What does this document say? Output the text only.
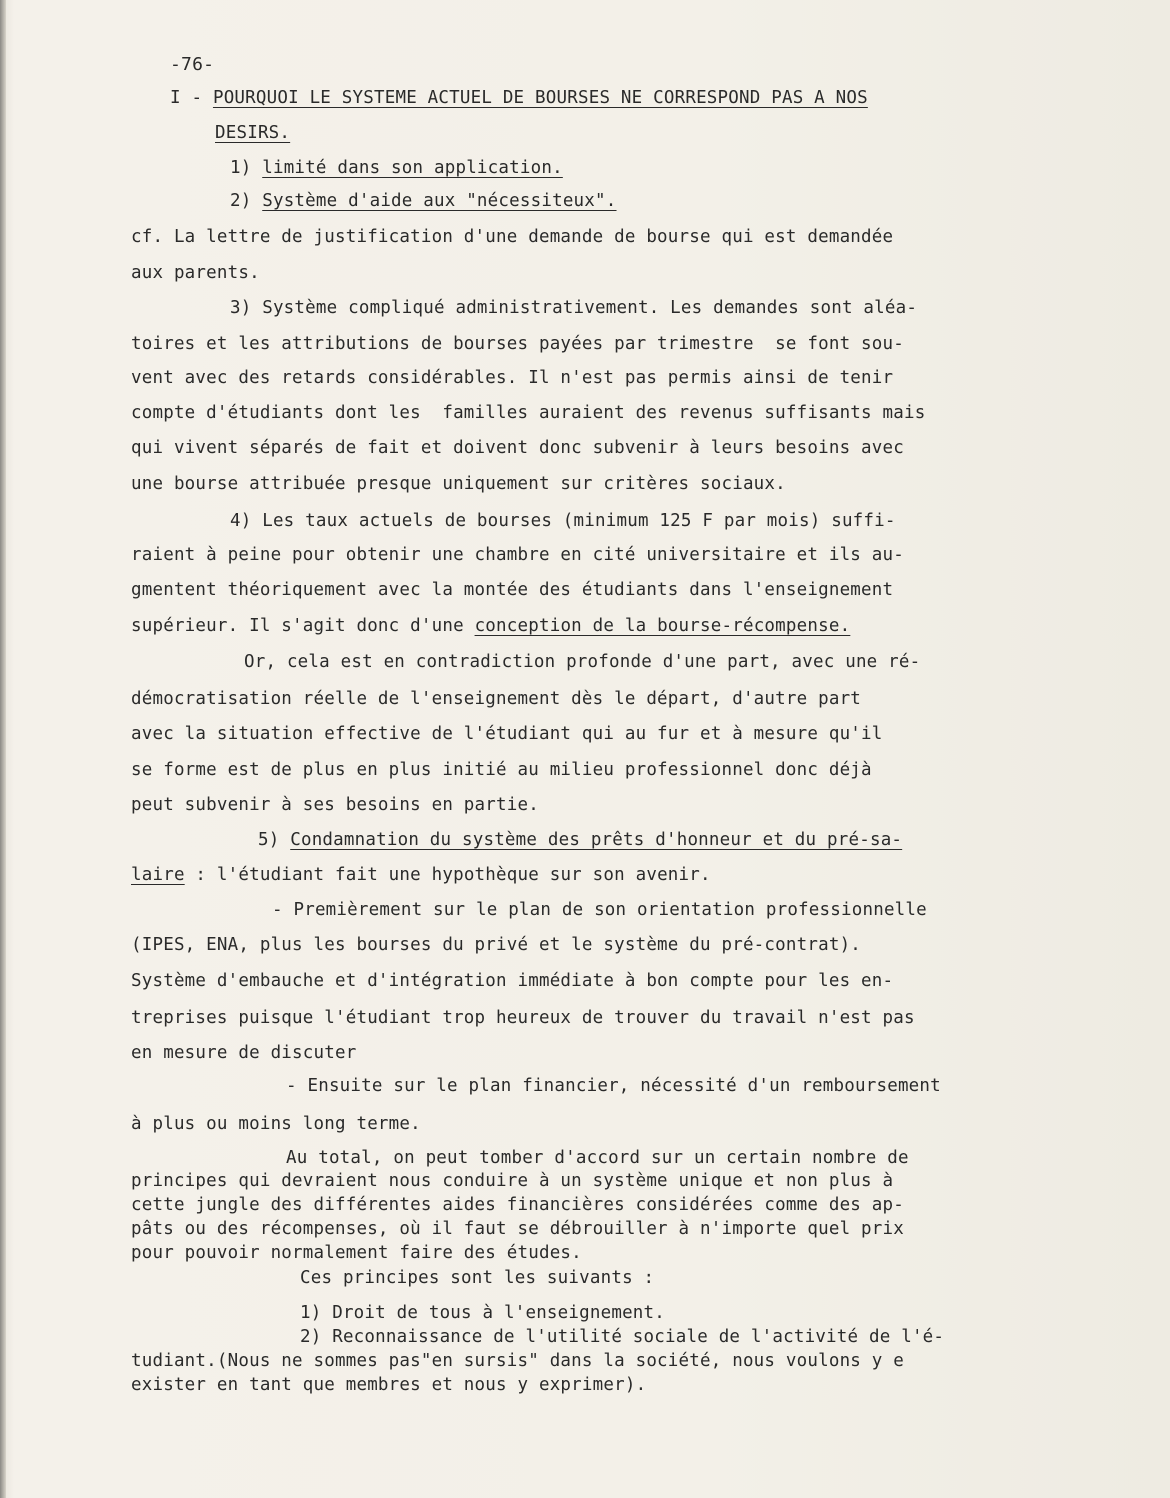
-76-
I - POURQUOI LE SYSTEME ACTUEL DE BOURSES NE CORRESPOND PAS A NOS
DESIRS.
1) limité dans son application.
2) Système d'aide aux "nécessiteux".
cf. La lettre de justification d'une demande de bourse qui est demandée
aux parents.
3) Système compliqué administrativement. Les demandes sont aléa-
toires et les attributions de bourses payées par trimestre  se font sou-
vent avec des retards considérables. Il n'est pas permis ainsi de tenir
compte d'étudiants dont les  familles auraient des revenus suffisants mais
qui vivent séparés de fait et doivent donc subvenir à leurs besoins avec
une bourse attribuée presque uniquement sur critères sociaux.
4) Les taux actuels de bourses (minimum 125 F par mois) suffi-
raient à peine pour obtenir une chambre en cité universitaire et ils au-
gmentent théoriquement avec la montée des étudiants dans l'enseignement
supérieur. Il s'agit donc d'une conception de la bourse-récompense.
Or, cela est en contradiction profonde d'une part, avec une ré-
démocratisation réelle de l'enseignement dès le départ, d'autre part
avec la situation effective de l'étudiant qui au fur et à mesure qu'il
se forme est de plus en plus initié au milieu professionnel donc déjà
peut subvenir à ses besoins en partie.
5) Condamnation du système des prêts d'honneur et du pré-sa-
laire : l'étudiant fait une hypothèque sur son avenir.
- Premièrement sur le plan de son orientation professionnelle
(IPES, ENA, plus les bourses du privé et le système du pré-contrat).
Système d'embauche et d'intégration immédiate à bon compte pour les en-
treprises puisque l'étudiant trop heureux de trouver du travail n'est pas
en mesure de discuter
- Ensuite sur le plan financier, nécessité d'un remboursement
à plus ou moins long terme.
Au total, on peut tomber d'accord sur un certain nombre de
principes qui devraient nous conduire à un système unique et non plus à
cette jungle des différentes aides financières considérées comme des ap-
pâts ou des récompenses, où il faut se débrouiller à n'importe quel prix
pour pouvoir normalement faire des études.
Ces principes sont les suivants :
1) Droit de tous à l'enseignement.
2) Reconnaissance de l'utilité sociale de l'activité de l'é-
tudiant.(Nous ne sommes pas"en sursis" dans la société, nous voulons y e
exister en tant que membres et nous y exprimer).
